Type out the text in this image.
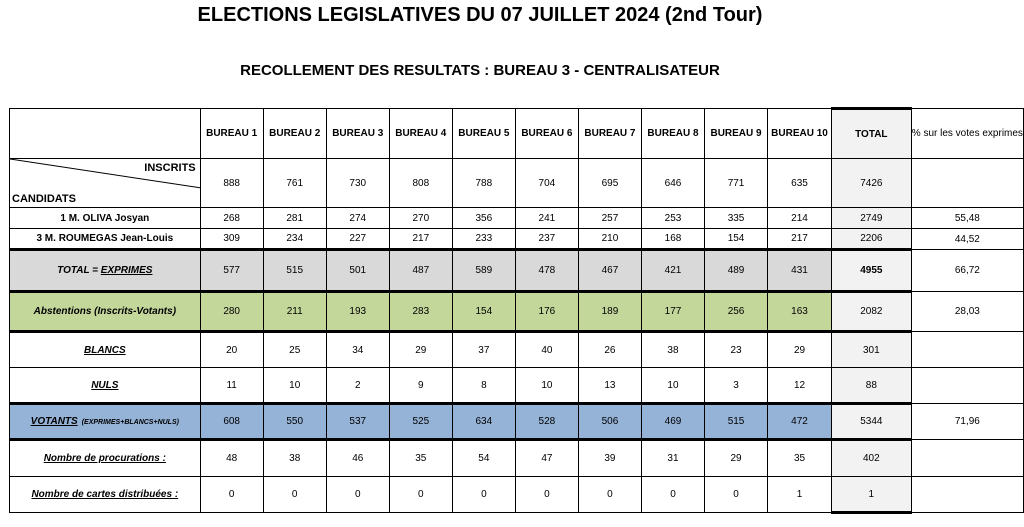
ELECTIONS LEGISLATIVES DU 07 JUILLET 2024 (2nd Tour)
RECOLLEMENT DES RESULTATS : BUREAU 3 - CENTRALISATEUR
	BUREAU 1	BUREAU 2	BUREAU 3	BUREAU 4	BUREAU 5	BUREAU 6	BUREAU 7	BUREAU 8	BUREAU 9	BUREAU 10	TOTAL	% sur les votes exprimes

INSCRITS
CANDIDATS	888	761	730	808	788	704	695	646	771	635	7426	
1 M. OLIVA Josyan	268	281	274	270	356	241	257	253	335	214	2749	55,48
3 M. ROUMEGAS Jean-Louis	309	234	227	217	233	237	210	168	154	217	2206	44,52
TOTAL = EXPRIMES	577	515	501	487	589	478	467	421	489	431	4955	66,72
Abstentions (Inscrits-Votants)	280	211	193	283	154	176	189	177	256	163	2082	28,03
BLANCS	20	25	34	29	37	40	26	38	23	29	301	
NULS	11	10	2	9	8	10	13	10	3	12	88	
VOTANTS (EXPRIMES+BLANCS+NULS)	608	550	537	525	634	528	506	469	515	472	5344	71,96
Nombre de procurations :	48	38	46	35	54	47	39	31	29	35	402	
Nombre de cartes distribuées :	0	0	0	0	0	0	0	0	0	1	1	
